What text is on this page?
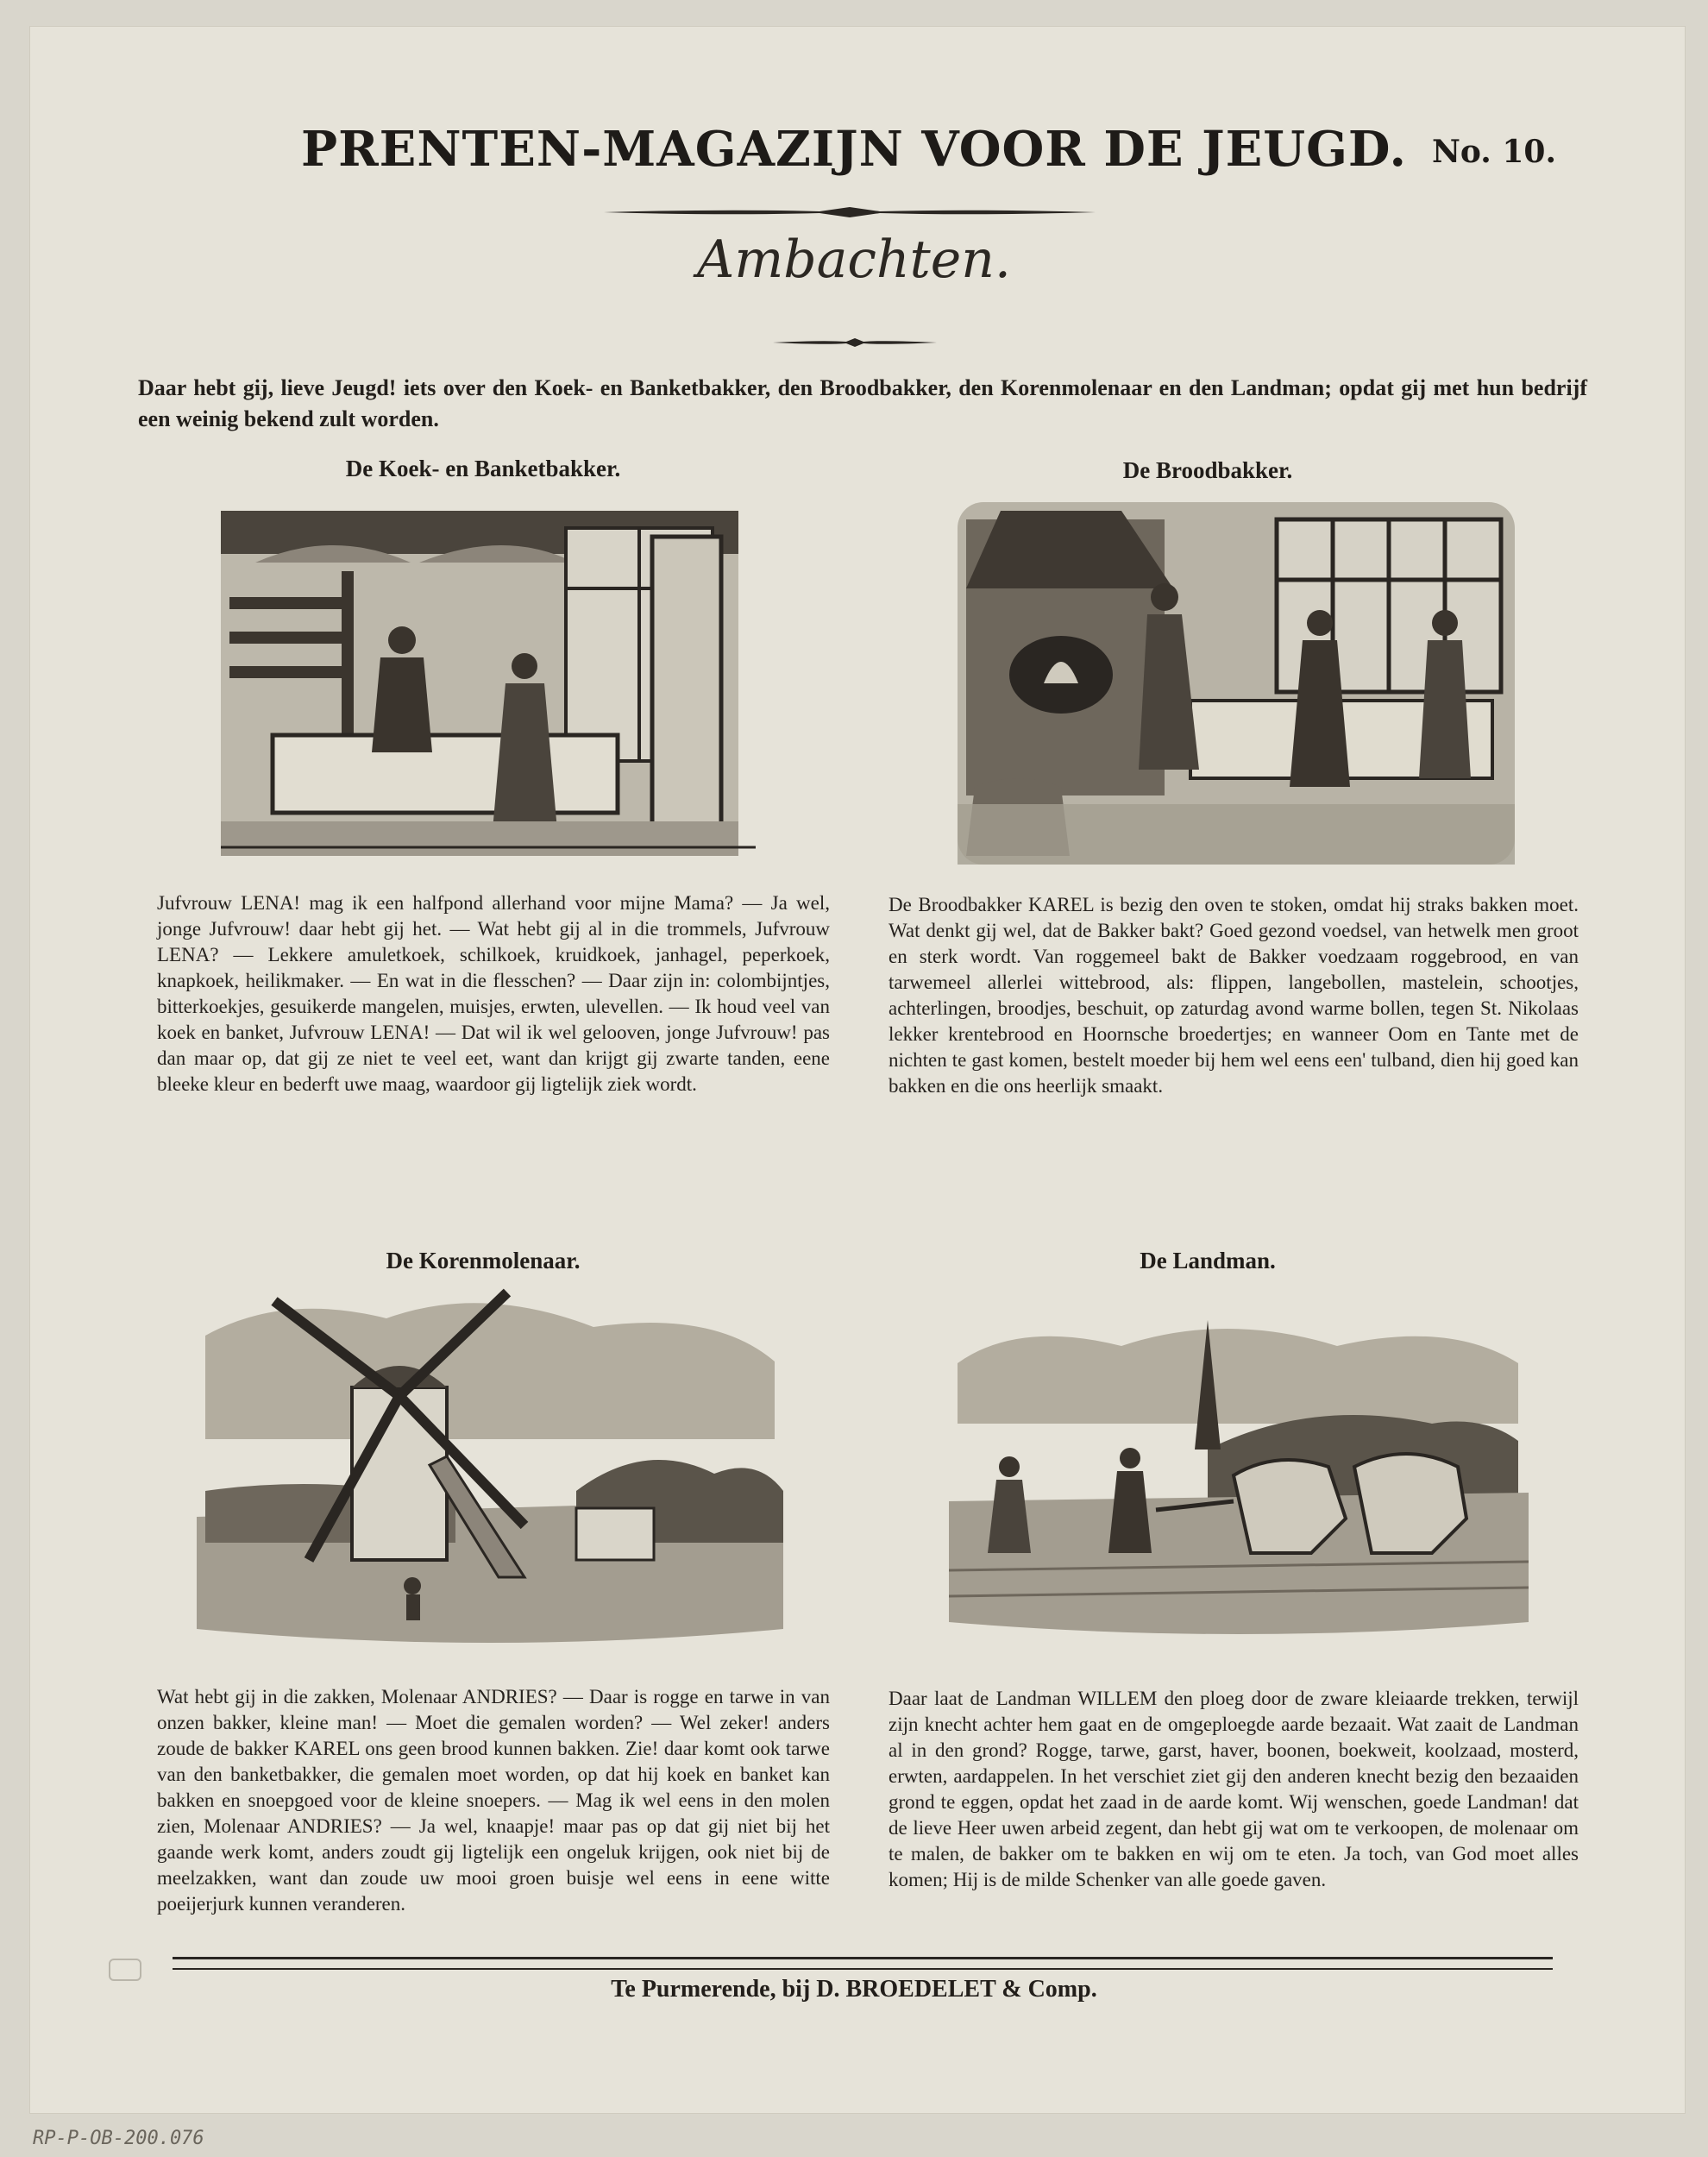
PRENTEN-MAGAZIJN VOOR DE JEUGD. No. 10.
Ambachten.
Daar hebt gij, lieve Jeugd! iets over den Koek- en Banketbakker, den Broodbakker, den Korenmolenaar en den Landman; opdat gij met hun bedrijf een weinig bekend zult worden.
De Koek- en Banketbakker.
Jufvrouw LENA! mag ik een halfpond allerhand voor mijne Mama? — Ja wel, jonge Jufvrouw! daar hebt gij het. — Wat hebt gij al in die trommels, Jufvrouw LENA? — Lekkere amuletkoek, schilkoek, kruidkoek, janhagel, peperkoek, knapkoek, heilikmaker. — En wat in die flesschen? — Daar zijn in: colombijntjes, bitterkoekjes, gesuikerde mangelen, muisjes, erwten, ulevellen. — Ik houd veel van koek en banket, Jufvrouw LENA! — Dat wil ik wel gelooven, jonge Jufvrouw! pas dan maar op, dat gij ze niet te veel eet, want dan krijgt gij zwarte tanden, eene bleeke kleur en bederft uwe maag, waardoor gij ligtelijk ziek wordt.
De Broodbakker.
De Broodbakker KAREL is bezig den oven te stoken, omdat hij straks bakken moet. Wat denkt gij wel, dat de Bakker bakt? Goed gezond voedsel, van hetwelk men groot en sterk wordt. Van roggemeel bakt de Bakker voedzaam roggebrood, en van tarwemeel allerlei wittebrood, als: flippen, langebollen, mastelein, schootjes, achterlingen, broodjes, beschuit, op zaturdag avond warme bollen, tegen St. Nikolaas lekker krentebrood en Hoornsche broedertjes; en wanneer Oom en Tante met de nichten te gast komen, bestelt moeder bij hem wel eens een' tulband, dien hij goed kan bakken en die ons heerlijk smaakt.
De Korenmolenaar.
Wat hebt gij in die zakken, Molenaar ANDRIES? — Daar is rogge en tarwe in van onzen bakker, kleine man! — Moet die gemalen worden? — Wel zeker! anders zoude de bakker KAREL ons geen brood kunnen bakken. Zie! daar komt ook tarwe van den banketbakker, die gemalen moet worden, op dat hij koek en banket kan bakken en snoepgoed voor de kleine snoepers. — Mag ik wel eens in den molen zien, Molenaar ANDRIES? — Ja wel, knaapje! maar pas op dat gij niet bij het gaande werk komt, anders zoudt gij ligtelijk een ongeluk krijgen, ook niet bij de meelzakken, want dan zoude uw mooi groen buisje wel eens in eene witte poeijerjurk kunnen veranderen.
De Landman.
Daar laat de Landman WILLEM den ploeg door de zware kleiaarde trekken, terwijl zijn knecht achter hem gaat en de omgeploegde aarde bezaait. Wat zaait de Landman al in den grond? Rogge, tarwe, garst, haver, boonen, boekweit, koolzaad, mosterd, erwten, aardappelen. In het verschiet ziet gij den anderen knecht bezig den bezaaiden grond te eggen, opdat het zaad in de aarde komt. Wij wenschen, goede Landman! dat de lieve Heer uwen arbeid zegent, dan hebt gij wat om te verkoopen, de molenaar om te malen, de bakker om te bakken en wij om te eten. Ja toch, van God moet alles komen; Hij is de milde Schenker van alle goede gaven.
Te Purmerende, bij D. BROEDELET & Comp.
RP-P-OB-200.076
